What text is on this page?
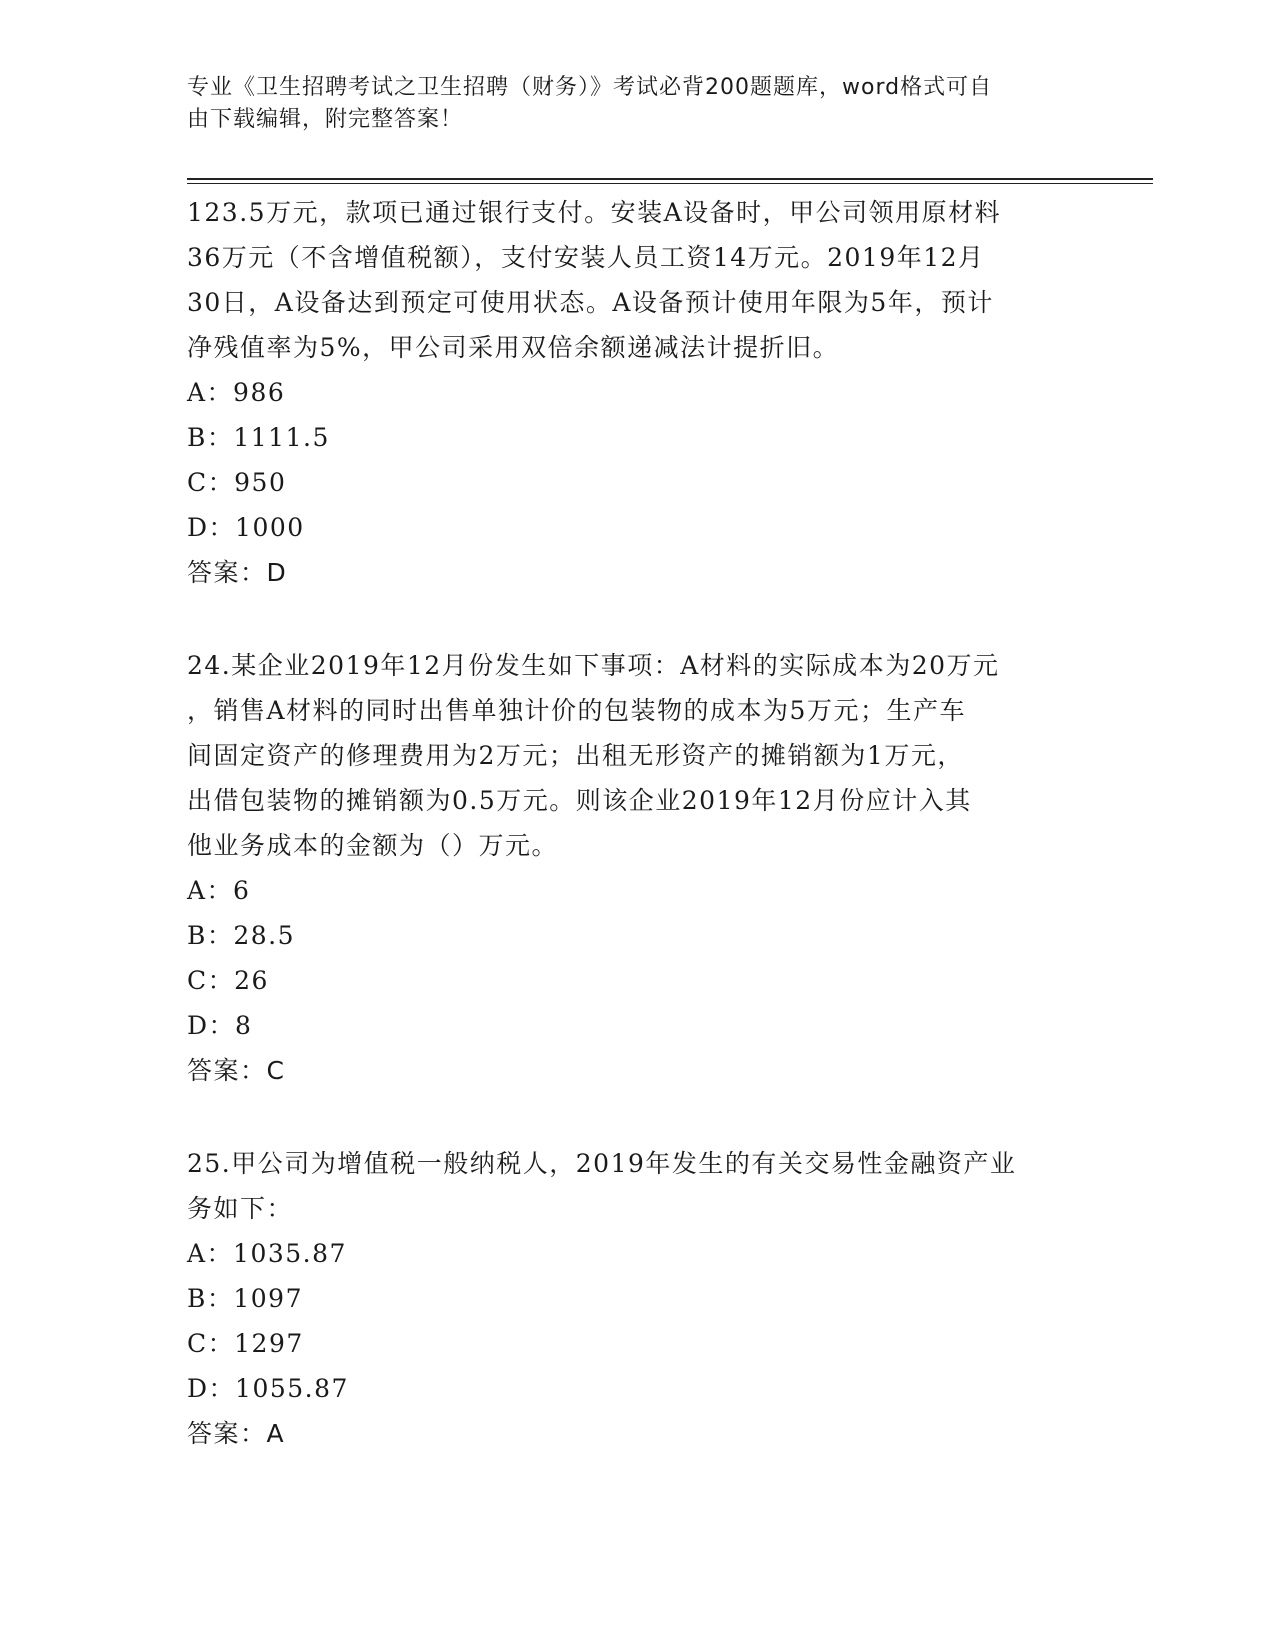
专业《卫生招聘考试之卫生招聘（财务）》考试必背200题题库，word格式可自
由下载编辑，附完整答案！
123.5万元，款项已通过银行支付。安装A设备时，甲公司领用原材料
36万元（不含增值税额），支付安装人员工资14万元。2019年12月
30日，A设备达到预定可使用状态。A设备预计使用年限为5年，预计
净残值率为5%，甲公司采用双倍余额递减法计提折旧。
A：986
B：1111.5
C：950
D：1000
答案：D
24.某企业2019年12月份发生如下事项：A材料的实际成本为20万元
，销售A材料的同时出售单独计价的包装物的成本为5万元；生产车
间固定资产的修理费用为2万元；出租无形资产的摊销额为1万元，
出借包装物的摊销额为0.5万元。则该企业2019年12月份应计入其
他业务成本的金额为（）万元。
A：6
B：28.5
C：26
D：8
答案：C
25.甲公司为增值税一般纳税人，2019年发生的有关交易性金融资产业
务如下：
A：1035.87
B：1097
C：1297
D：1055.87
答案：A
